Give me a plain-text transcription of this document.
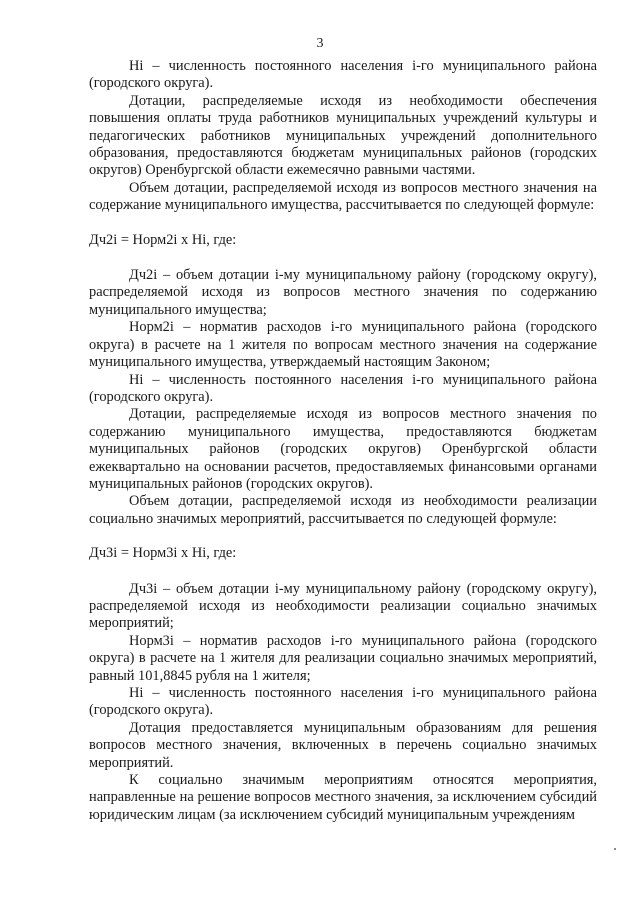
3

Hi – численность постоянного населения i-го муниципального района (городского округа).

Дотации, распределяемые исходя из необходимости обеспечения повышения оплаты труда работников муниципальных учреждений культуры и педагогических работников муниципальных учреждений дополнительного образования, предоставляются бюджетам муниципальных районов (городских округов) Оренбургской области ежемесячно равными частями.

Объем дотации, распределяемой исходя из вопросов местного значения на содержание муниципального имущества, рассчитывается по следующей формуле:

Дч2i = Норм2i x Hi, где:

Дч2i – объем дотации i-му муниципальному району (городскому округу), распределяемой исходя из вопросов местного значения по содержанию муниципального имущества;

Норм2i – норматив расходов i-го муниципального района (городского округа) в расчете на 1 жителя по вопросам местного значения на содержание муниципального имущества, утверждаемый настоящим Законом;

Hi – численность постоянного населения i-го муниципального района (городского округа).

Дотации, распределяемые исходя из вопросов местного значения по содержанию муниципального имущества, предоставляются бюджетам муниципальных районов (городских округов) Оренбургской области ежеквартально на основании расчетов, предоставляемых финансовыми органами муниципальных районов (городских округов).

Объем дотации, распределяемой исходя из необходимости реализации социально значимых мероприятий, рассчитывается по следующей формуле:

Дч3i = Норм3i x Hi, где:

Дч3i – объем дотации i-му муниципальному району (городскому округу), распределяемой исходя из необходимости реализации социально значимых мероприятий;

Норм3i – норматив расходов i-го муниципального района (городского округа) в расчете на 1 жителя для реализации социально значимых мероприятий, равный 101,8845 рубля на 1 жителя;

Hi – численность постоянного населения i-го муниципального района (городского округа).

Дотация предоставляется муниципальным образованиям для решения вопросов местного значения, включенных в перечень социально значимых мероприятий.

К социально значимым мероприятиям относятся мероприятия, направленные на решение вопросов местного значения, за исключением субсидий юридическим лицам (за исключением субсидий муниципальным учреждениям
